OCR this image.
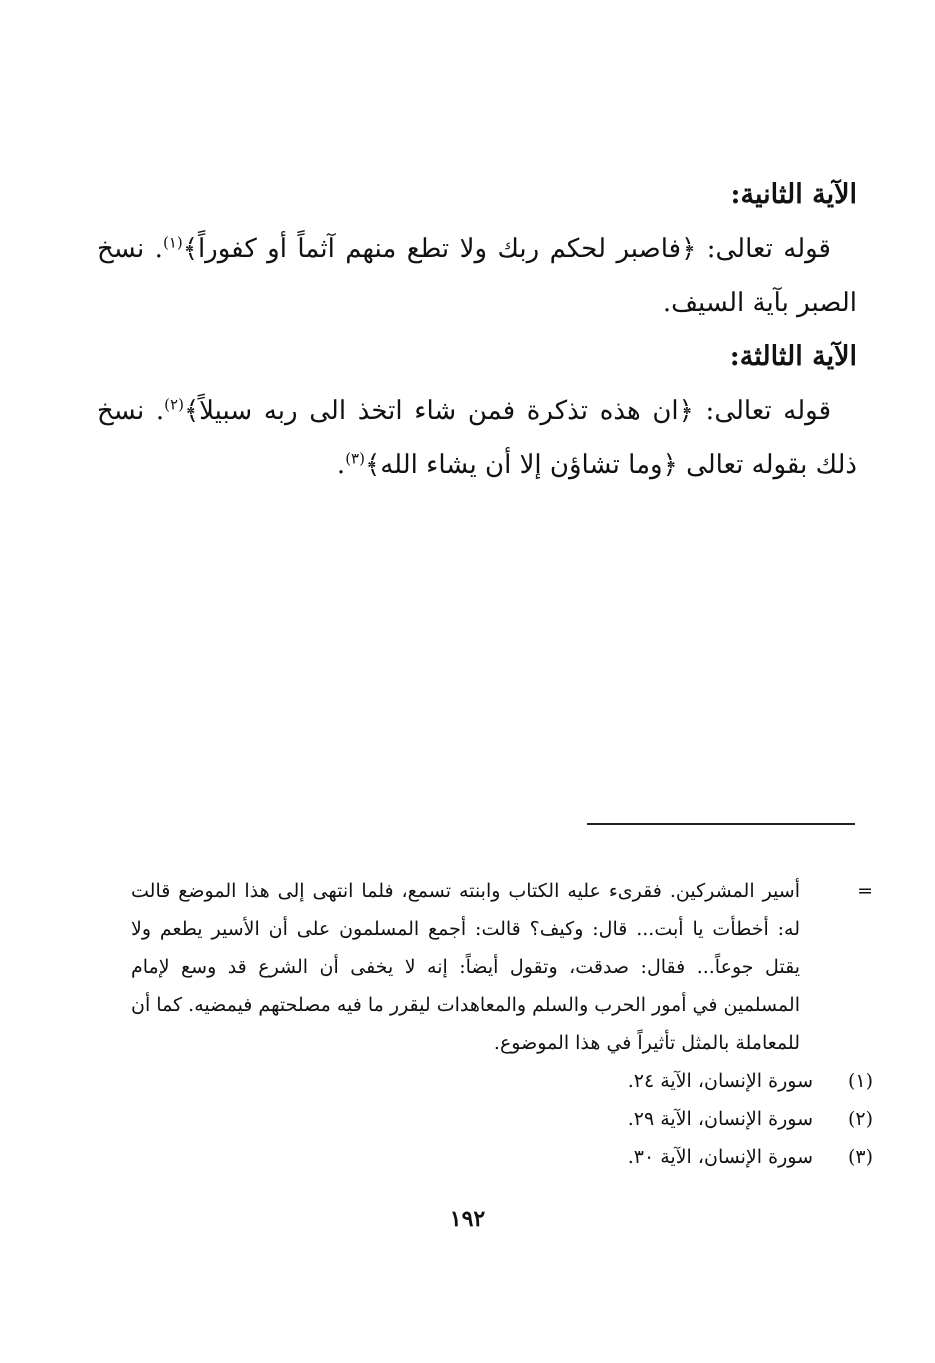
الآية الثانية:
قوله تعالى: ﴿فاصبر لحكم ربك ولا تطع منهم آثماً أو كفوراً﴾$^{(١)}$. نسخ الصبر بآية السيف.
الآية الثالثة:
قوله تعالى: ﴿ان هذه تذكرة فمن شاء اتخذ الى ربه سبيلاً﴾$^{(٢)}$. نسخ ذلك بقوله تعالى ﴿وما تشاؤن إلا أن يشاء الله﴾$^{(٣)}$.
=
أسير المشركين. فقرىء عليه الكتاب وابنته تسمع، فلما انتهى إلى هذا الموضع قالت له: أخطأت يا أبت... قال: وكيف؟ قالت: أجمع المسلمون على أن الأسير يطعم ولا يقتل جوعاً... فقال: صدقت، وتقول أيضاً: إنه لا يخفى أن الشرع قد وسع لإمام المسلمين في أمور الحرب والسلم والمعاهدات ليقرر ما فيه مصلحتهم فيمضيه. كما أن للمعاملة بالمثل تأثيراً في هذا الموضوع.
(١)
سورة الإنسان، الآية ٢٤.
(٢)
سورة الإنسان، الآية ٢٩.
(٣)
سورة الإنسان، الآية ٣٠.
١٩٢
